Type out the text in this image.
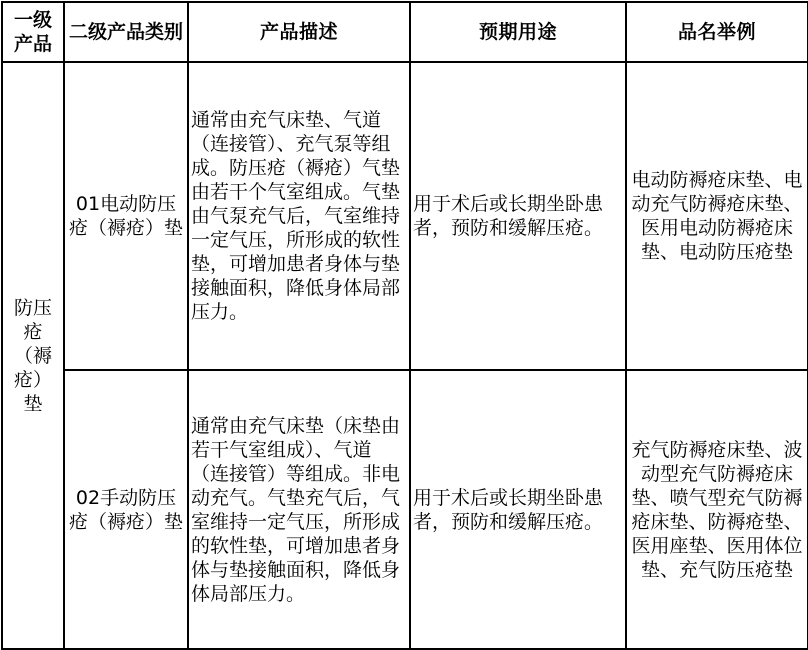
一级产品	二级产品类别	产品描述	预期用途	品名举例
防压疮（褥疮）垫	01电动防压疮（褥疮）垫	通常由充气床垫、气道（连接管）、充气泵等组成。防压疮（褥疮）气垫由若干个气室组成。气垫由气泵充气后，气室维持一定气压，所形成的软性垫，可增加患者身体与垫接触面积，降低身体局部压力。	用于术后或长期坐卧患者，预防和缓解压疮。	电动防褥疮床垫、电动充气防褥疮床垫、医用电动防褥疮床垫、电动防压疮垫
	02手动防压疮（褥疮）垫	通常由充气床垫（床垫由若干气室组成）、气道（连接管）等组成。非电动充气。气垫充气后，气室维持一定气压，所形成的软性垫，可增加患者身体与垫接触面积，降低身体局部压力。	用于术后或长期坐卧患者，预防和缓解压疮。	充气防褥疮床垫、波动型充气防褥疮床垫、喷气型充气防褥疮床垫、防褥疮垫、医用座垫、医用体位垫、充气防压疮垫
